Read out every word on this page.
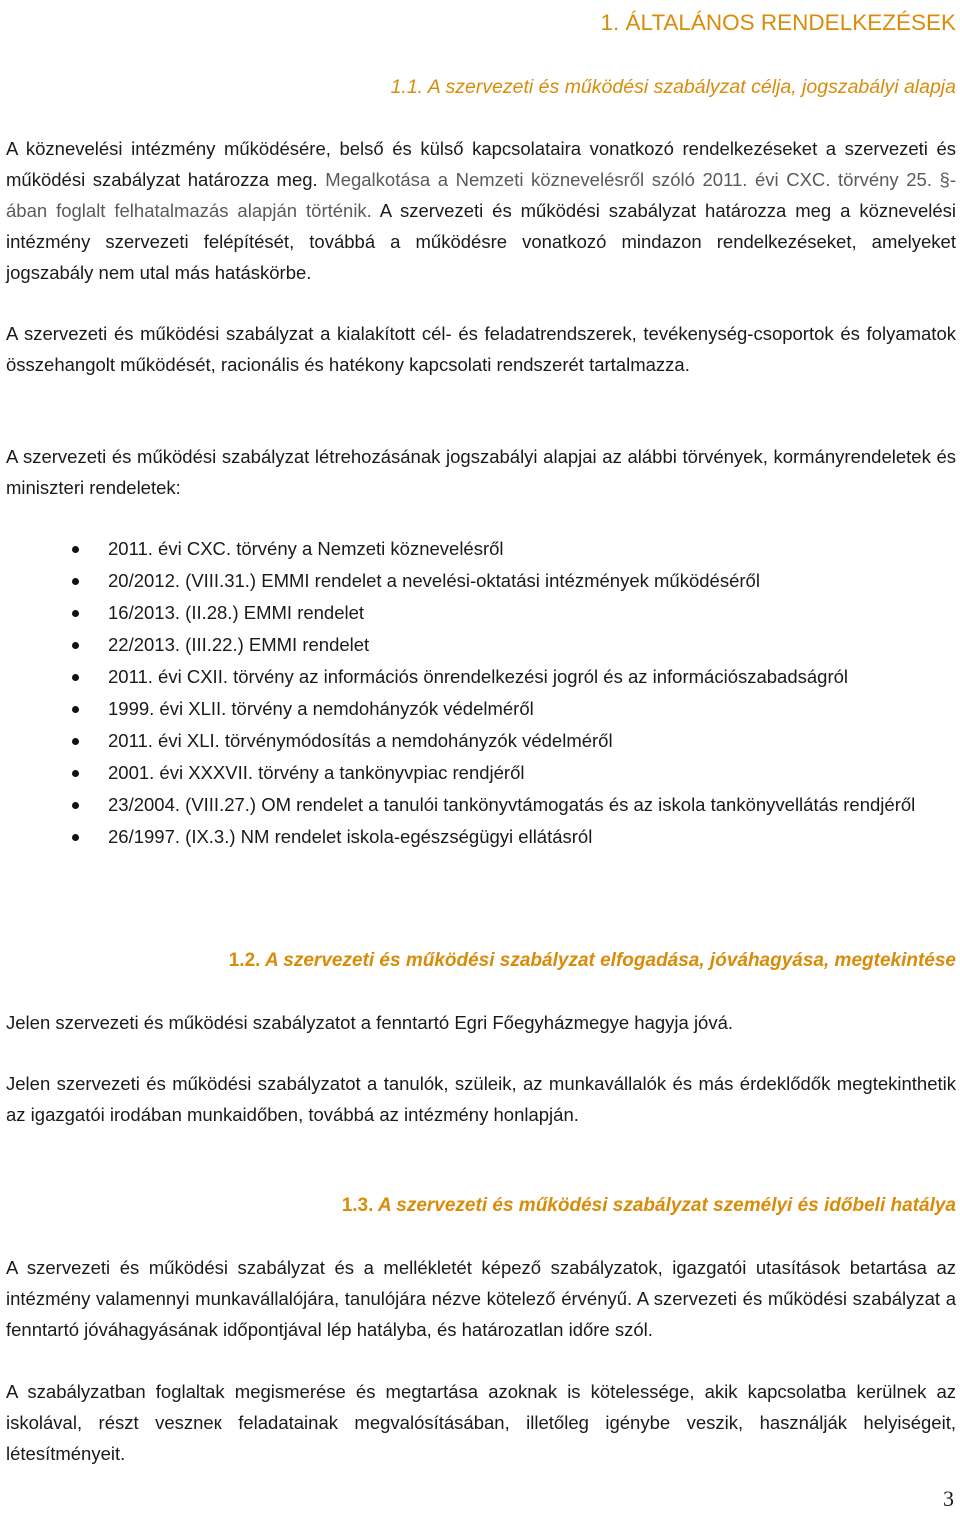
1. ÁLTALÁNOS RENDELKEZÉSEK
1.1. A szervezeti és működési szabályzat célja, jogszabályi alapja

A köznevelési intézmény működésére, belső és külső kapcsolataira vonatkozó rendelkezéseket a szervezeti és működési szabályzat határozza meg. Megalkotása a Nemzeti köznevelésről szóló 2011. évi CXC. törvény 25. §-ában foglalt felhatalmazás alapján történik. A szervezeti és működési szabályzat határozza meg a köznevelési intézmény szervezeti felépítését, továbbá a működésre vonatkozó mindazon rendelkezéseket, amelyeket jogszabály nem utal más hatáskörbe.

A szervezeti és működési szabályzat a kialakított cél- és feladatrendszerek, tevékenység-csoportok és folyamatok összehangolt működését, racionális és hatékony kapcsolati rendszerét tartalmazza.

A szervezeti és működési szabályzat létrehozásának jogszabályi alapjai az alábbi törvények, kormányrendeletek és miniszteri rendeletek:

2011. évi CXC. törvény a Nemzeti köznevelésről
20/2012. (VIII.31.) EMMI rendelet a nevelési-oktatási intézmények működéséről
16/2013. (II.28.) EMMI rendelet
22/2013. (III.22.) EMMI rendelet
2011. évi CXII. törvény az információs önrendelkezési jogról és az információszabadságról
1999. évi XLII. törvény a nemdohányzók védelméről
2011. évi XLI. törvénymódosítás a nemdohányzók védelméről
2001. évi XXXVII. törvény a tankönyvpiac rendjéről
23/2004. (VIII.27.) OM rendelet a tanulói tankönyvtámogatás és az iskola tankönyvellátás rendjéről
26/1997. (IX.3.) NM rendelet iskola-egészségügyi ellátásról
1.2. A szervezeti és működési szabályzat elfogadása, jóváhagyása, megtekintése

Jelen szervezeti és működési szabályzatot a fenntartó Egri Főegyházmegye hagyja jóvá.

Jelen szervezeti és működési szabályzatot a tanulók, szüleik, az munkavállalók és más érdeklődők megtekinthetik az igazgatói irodában munkaidőben, továbbá az intézmény honlapján.

1.3. A szervezeti és működési szabályzat személyi és időbeli hatálya

A szervezeti és működési szabályzat és a mellékletét képező szabályzatok, igazgatói utasítások betartása az intézmény valamennyi munkavállalójára, tanulójára nézve kötelező érvényű. A szervezeti és működési szabályzat a fenntartó jóváhagyásának időpontjával lép hatályba, és határozatlan időre szól.

A szabályzatban foglaltak megismerése és megtartása azoknak is kötelessége, akik kapcsolatba kerülnek az iskolával, részt veszneк feladatainak megvalósításában, illetőleg igénybe veszik, használják helyiségeit, létesítményeit.

3
